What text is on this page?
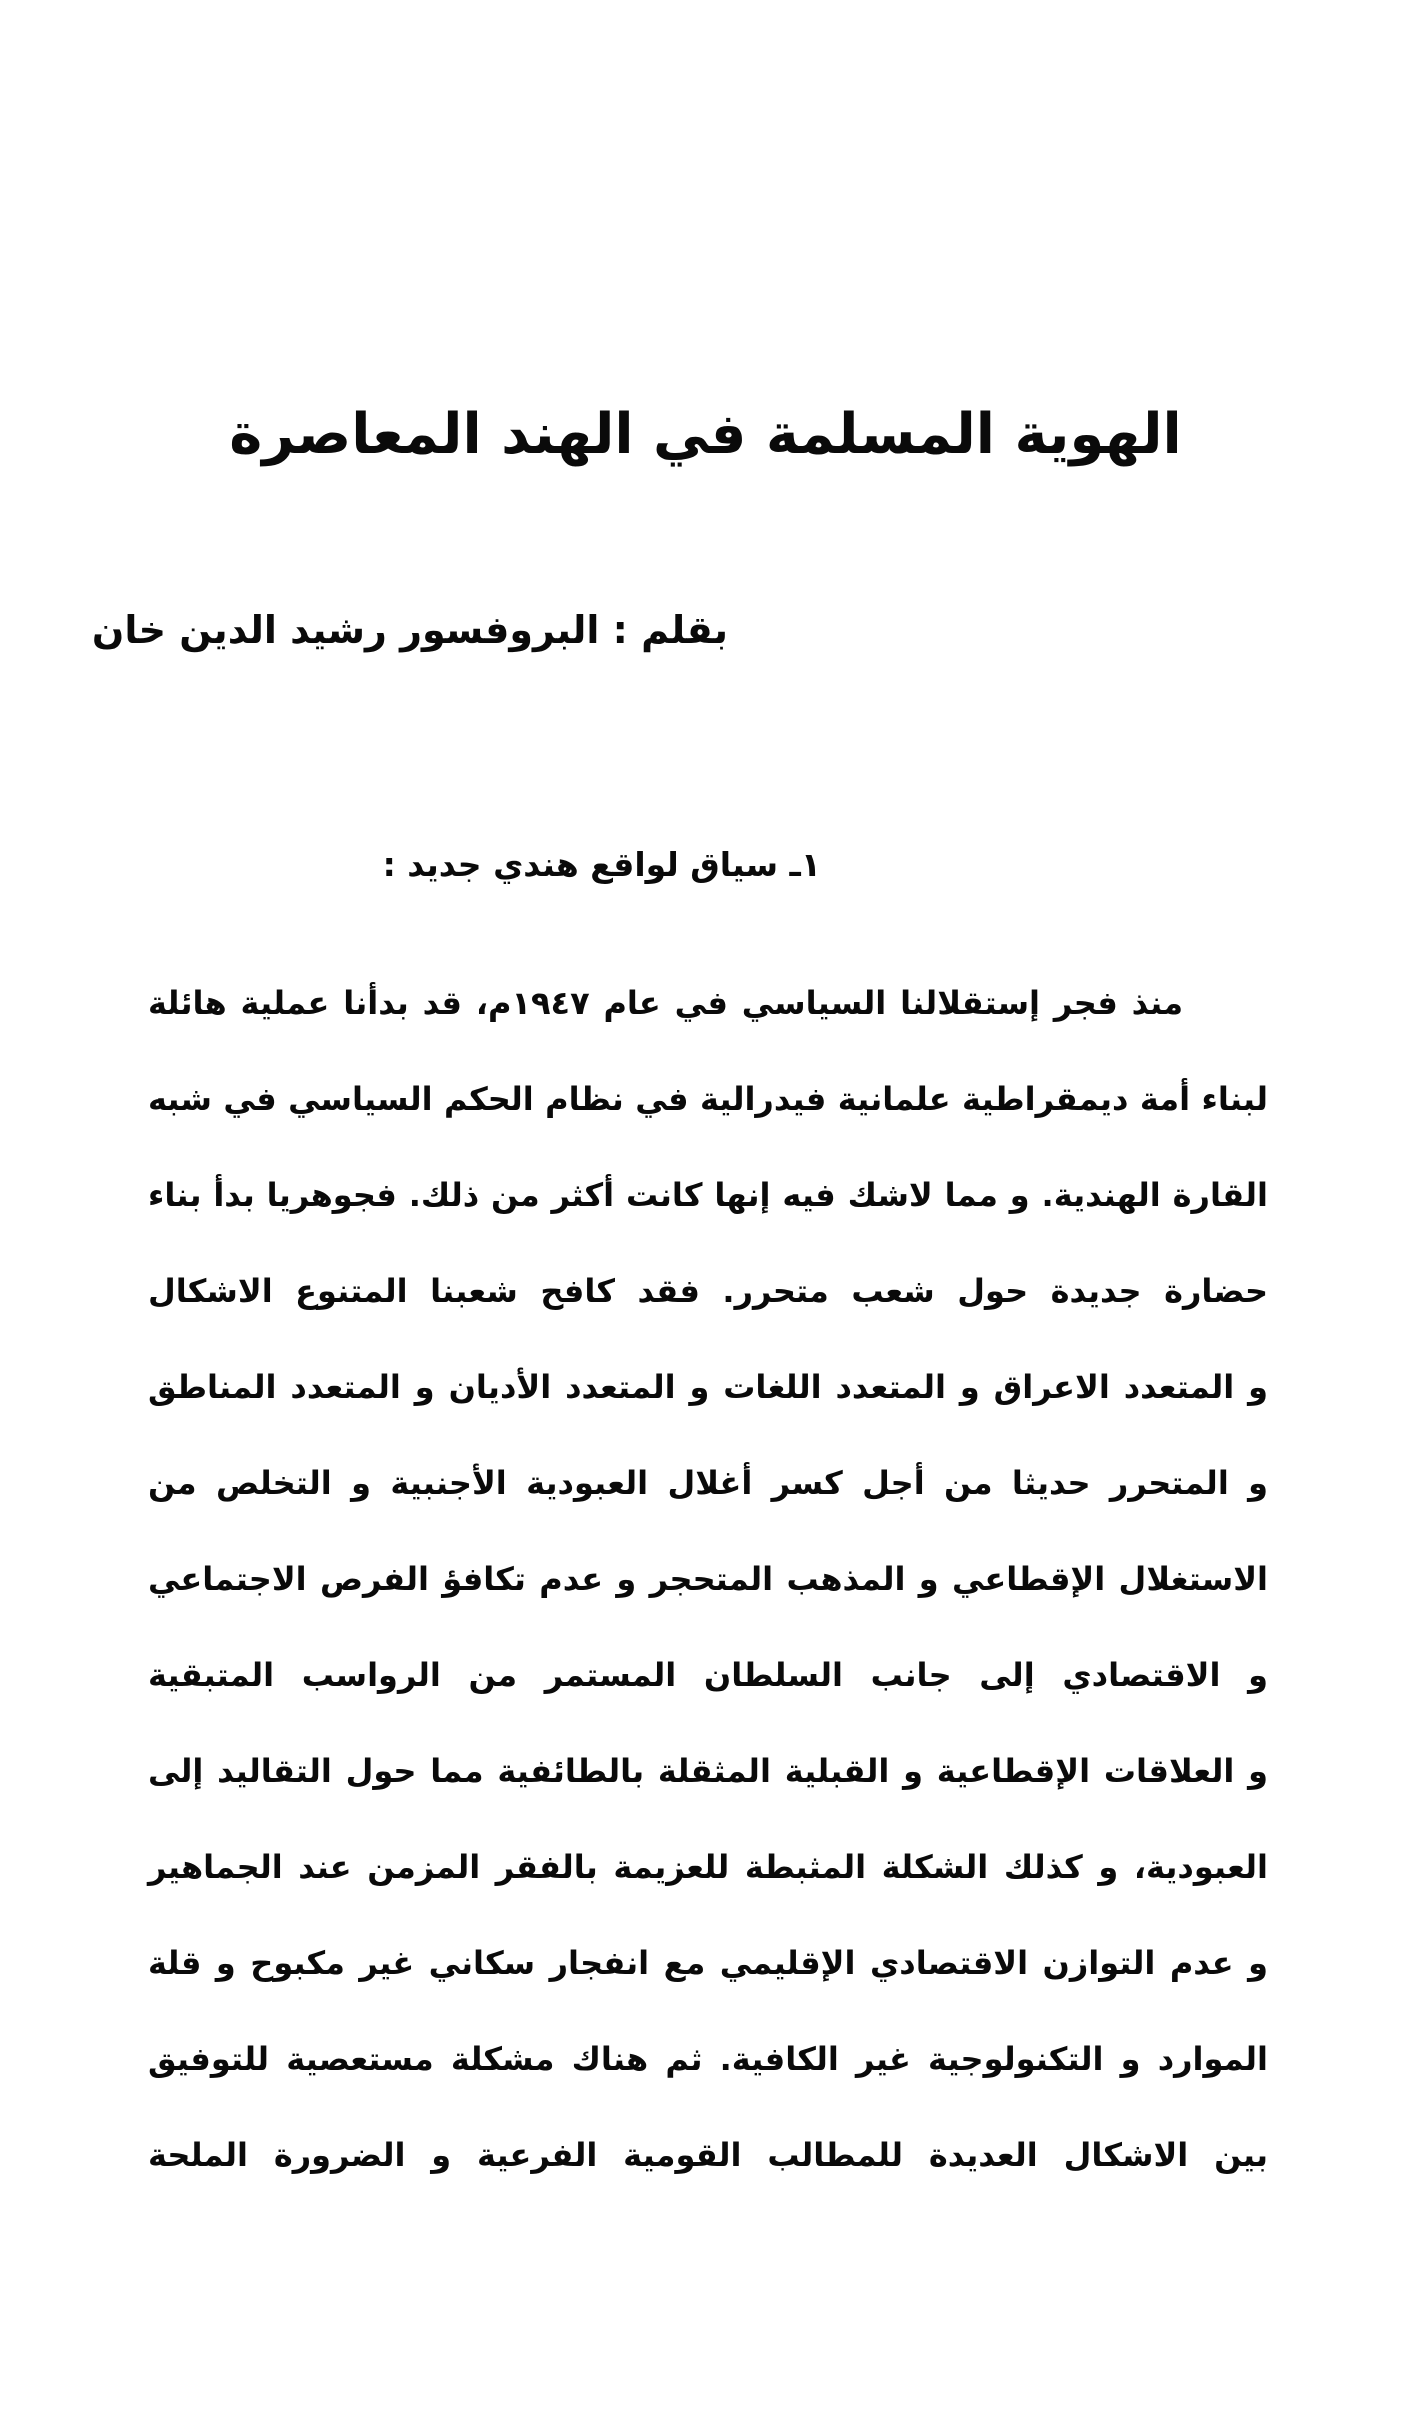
الهوية المسلمة في الهند المعاصرة
بقلم : البروفسور رشيد الدين خان
١ـ سياق لواقع هندي جديد :
منذ فجر إستقلالنا السياسي في عام ١٩٤٧م، قد بدأنا عملية هائلة
لبناء أمة ديمقراطية علمانية فيدرالية في نظام الحكم السياسي في شبه
القارة الهندية. و مما لاشك فيه إنها كانت أكثر من ذلك. فجوهريا بدأ بناء
حضارة جديدة حول شعب متحرر. فقد كافح شعبنا المتنوع الاشكال
و المتعدد الاعراق و المتعدد اللغات و المتعدد الأديان و المتعدد المناطق
و المتحرر حديثا من أجل كسر أغلال العبودية الأجنبية و التخلص من
الاستغلال الإقطاعي و المذهب المتحجر و عدم تكافؤ الفرص الاجتماعي
و الاقتصادي إلى جانب السلطان المستمر من الرواسب المتبقية
و العلاقات الإقطاعية و القبلية المثقلة بالطائفية مما حول التقاليد إلى
العبودية، و كذلك الشكلة المثبطة للعزيمة بالفقر المزمن عند الجماهير
و عدم التوازن الاقتصادي الإقليمي مع انفجار سكاني غير مكبوح و قلة
الموارد و التكنولوجية غير الكافية. ثم هناك مشكلة مستعصية للتوفيق
بين الاشكال العديدة للمطالب القومية الفرعية و الضرورة الملحة
